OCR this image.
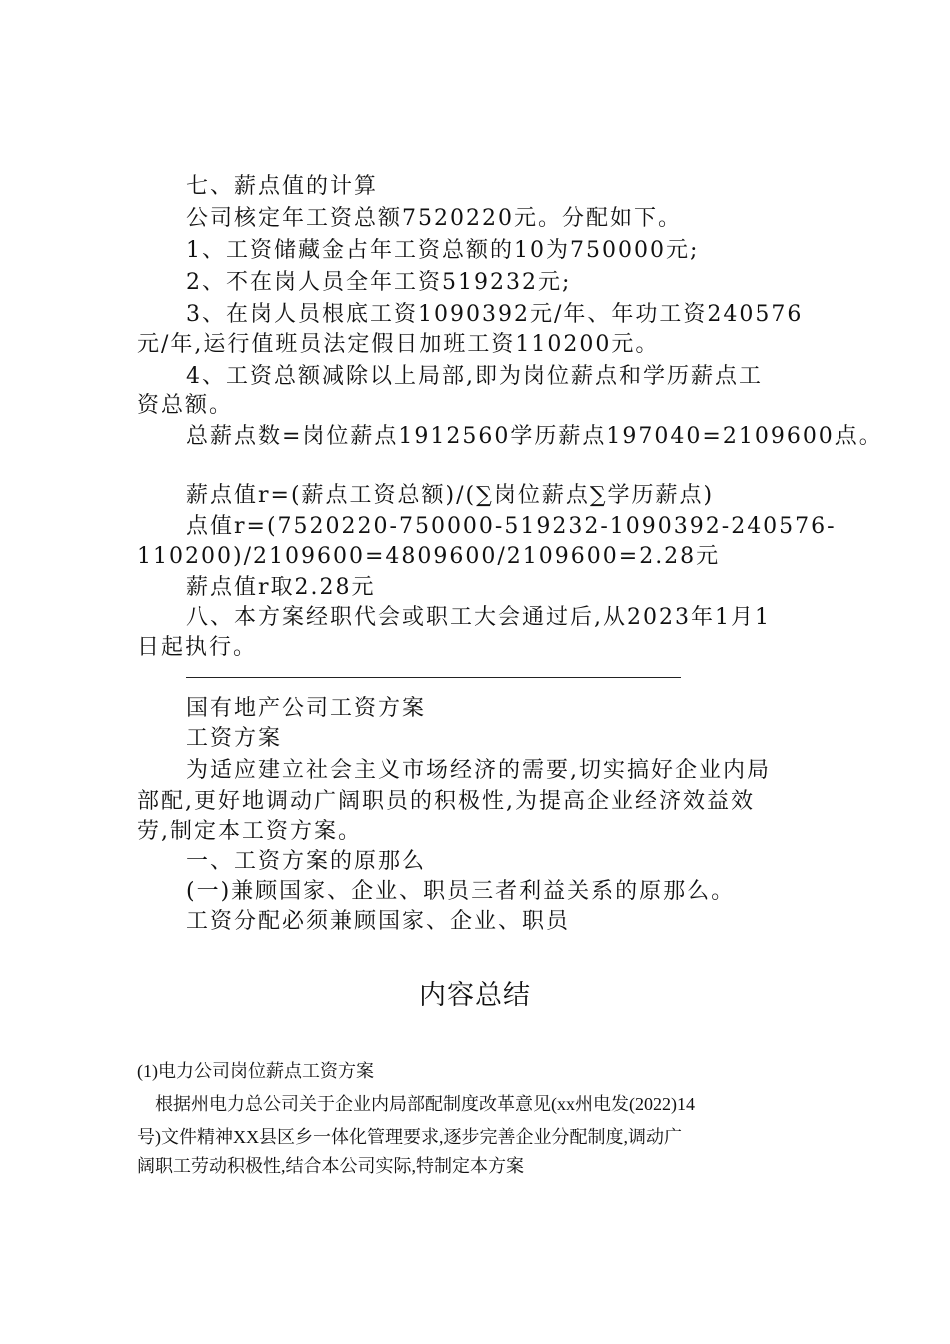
七、薪点值的计算
公司核定年工资总额7520220元。分配如下。
1、工资储藏金占年工资总额的10为750000元;
2、不在岗人员全年工资519232元;
3、在岗人员根底工资1090392元/年、年功工资240576
元/年,运行值班员法定假日加班工资110200元。
4、工资总额减除以上局部,即为岗位薪点和学历薪点工
资总额。
总薪点数=岗位薪点1912560学历薪点197040=2109600点。
薪点值r=(薪点工资总额)/(∑岗位薪点∑学历薪点)
点值r=(7520220-750000-519232-1090392-240576-
110200)/2109600=4809600/2109600=2.28元
薪点值r取2.28元
八、本方案经职代会或职工大会通过后,从2023年1月1
日起执行。
国有地产公司工资方案
工资方案
为适应建立社会主义市场经济的需要,切实搞好企业内局
部配,更好地调动广阔职员的积极性,为提高企业经济效益效
劳,制定本工资方案。
一、工资方案的原那么
(一)兼顾国家、企业、职员三者利益关系的原那么。
工资分配必须兼顾国家、企业、职员
内容总结
(1)电力公司岗位薪点工资方案
根据州电力总公司关于企业内局部配制度改革意见(xx州电发(2022)14
号)文件精神XX县区乡一体化管理要求,逐步完善企业分配制度,调动广
阔职工劳动积极性,结合本公司实际,特制定本方案
